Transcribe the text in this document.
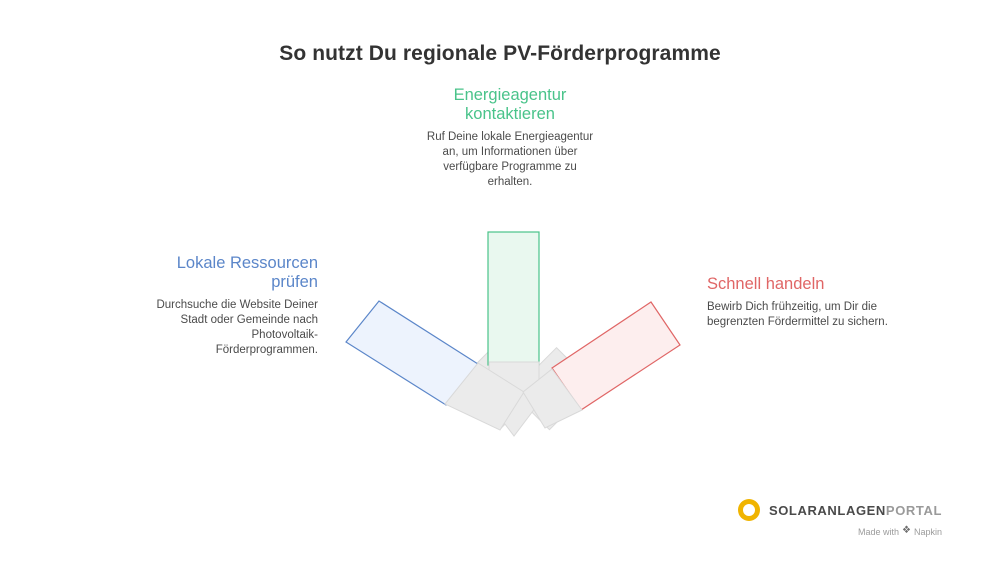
So nutzt Du regionale PV-Förderprogramme
Energieagentur kontaktieren
Ruf Deine lokale Energieagentur an, um Informationen über verfügbare Programme zu erhalten.
Lokale Ressourcen prüfen
Durchsuche die Website Deiner Stadt oder Gemeinde nach Photovoltaik-Förderprogrammen.
Schnell handeln
Bewirb Dich frühzeitig, um Dir die begrenzten Fördermittel zu sichern.
SOLARANLAGENPORTAL
Made with ❖ Napkin
